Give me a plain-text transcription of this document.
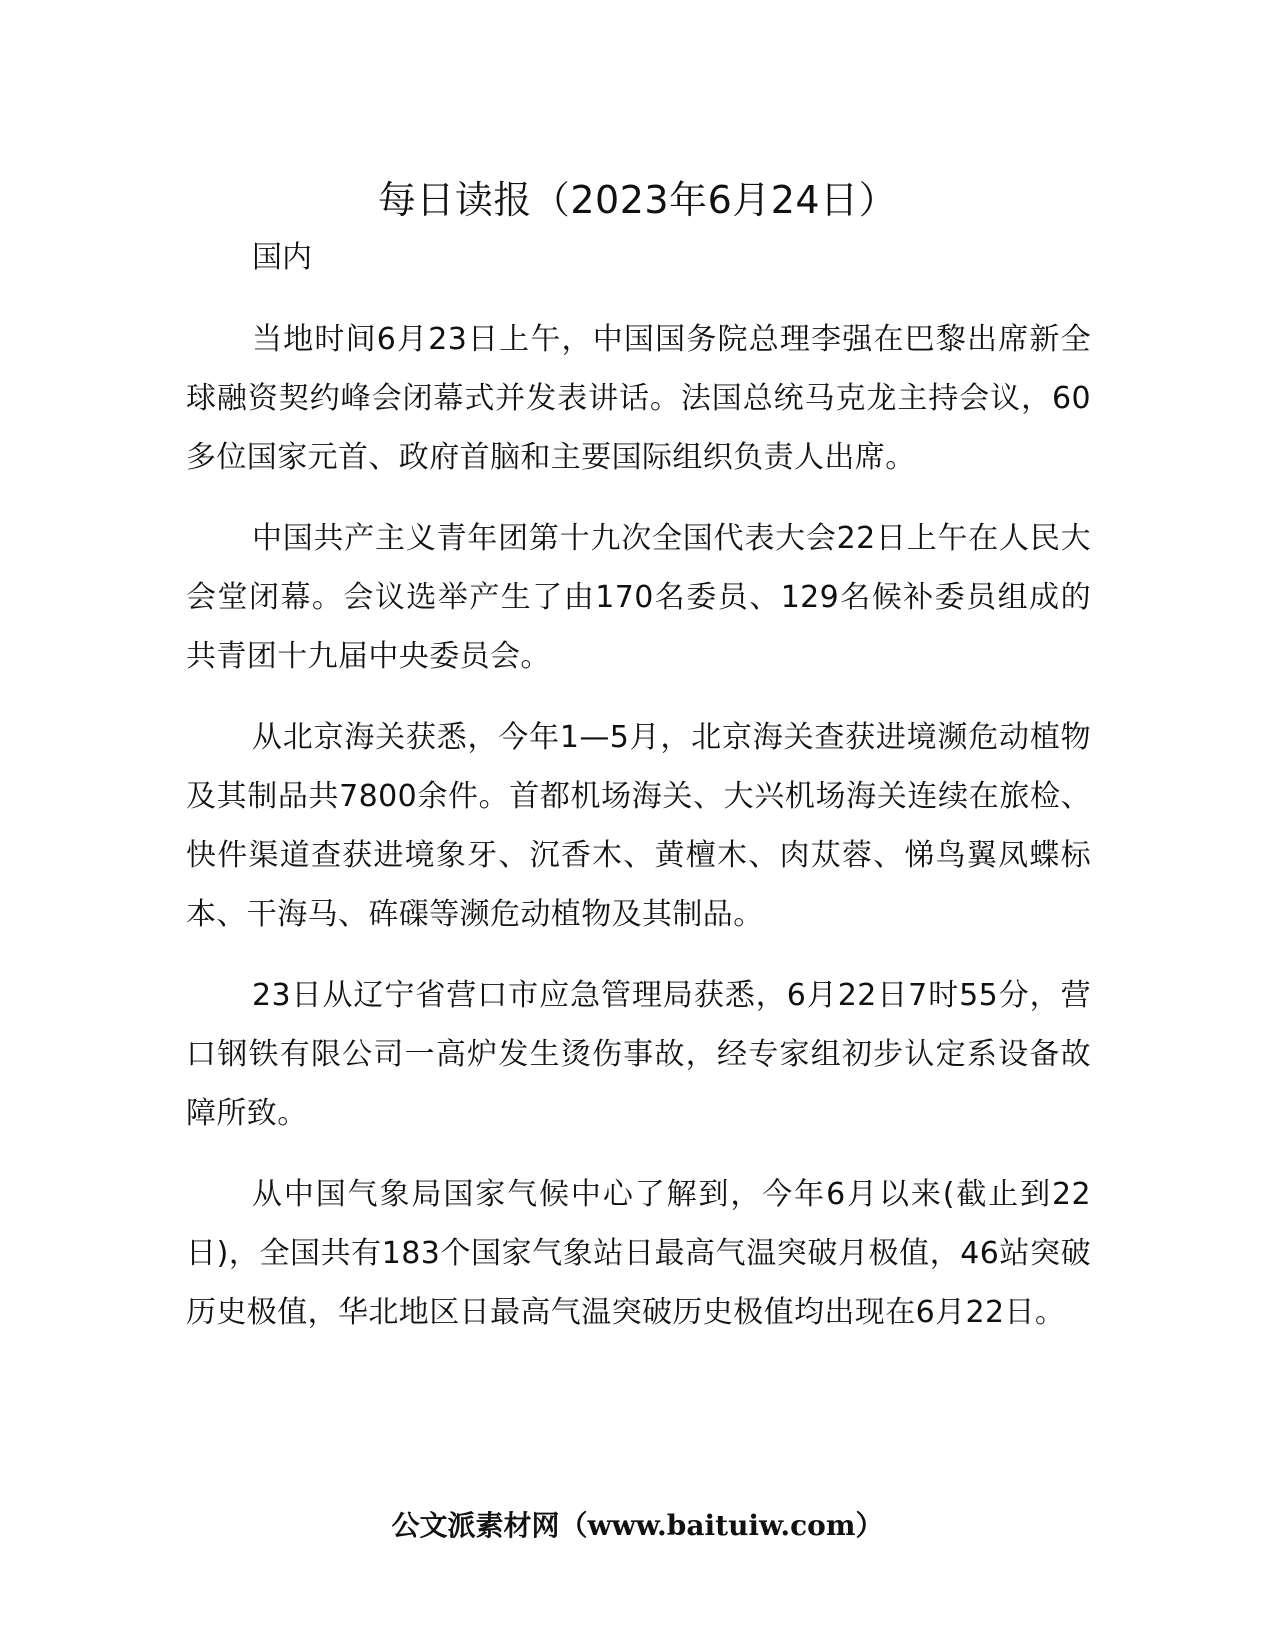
每日读报（2023年6月24日）
国内

当地时间6月23日上午，中国国务院总理李强在巴黎出席新全球融资契约峰会闭幕式并发表讲话。法国总统马克龙主持会议，60多位国家元首、政府首脑和主要国际组织负责人出席。

中国共产主义青年团第十九次全国代表大会22日上午在人民大会堂闭幕。会议选举产生了由170名委员、129名候补委员组成的共青团十九届中央委员会。

从北京海关获悉，今年1—5月，北京海关查获进境濒危动植物及其制品共7800余件。首都机场海关、大兴机场海关连续在旅检、快件渠道查获进境象牙、沉香木、黄檀木、肉苁蓉、悌鸟翼凤蝶标本、干海马、砗磲等濒危动植物及其制品。

23日从辽宁省营口市应急管理局获悉，6月22日7时55分，营口钢铁有限公司一高炉发生烫伤事故，经专家组初步认定系设备故障所致。

从中国气象局国家气候中心了解到，今年6月以来(截止到22日)，全国共有183个国家气象站日最高气温突破月极值，46站突破历史极值，华北地区日最高气温突破历史极值均出现在6月22日。

公文派素材网（www.baituiw.com）
